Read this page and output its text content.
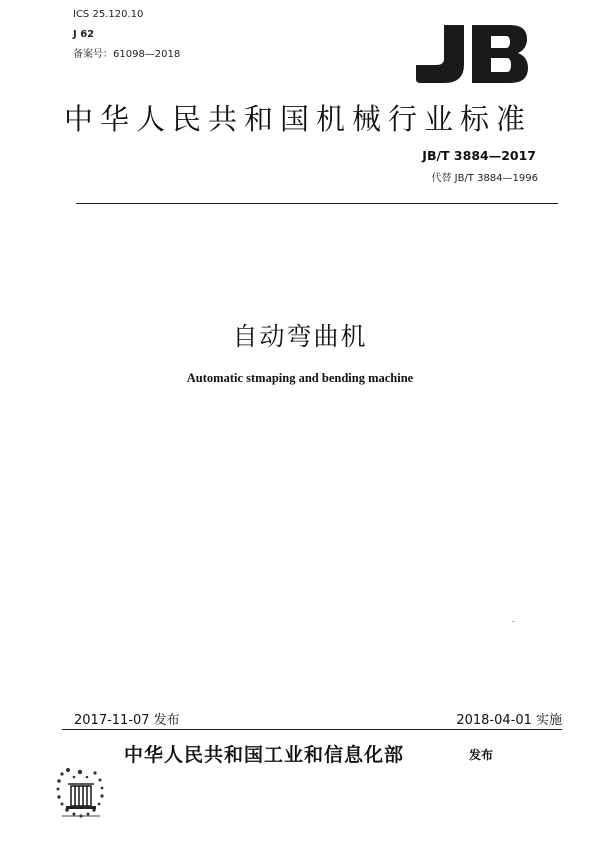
ICS 25.120.10
J 62
备案号：61098—2018
中华人民共和国机械行业标准
JB/T 3884—2017
代替 JB/T 3884—1996
自动弯曲机
Automatic stmaping and bending machine
2017-11-07 发布	2018-04-01 实施
中华人民共和国工业和信息化部	发布
